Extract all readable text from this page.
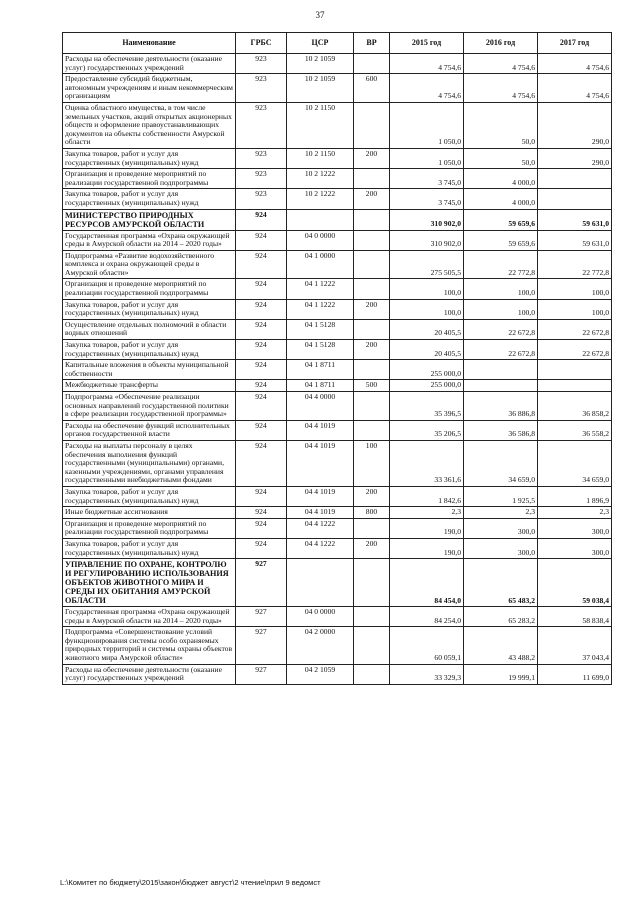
37
Наименование	ГРБС	ЦСР	ВР	2015 год	2016 год	2017 год
Расходы на обеспечение деятельности (оказание услуг) государственных учреждений	923	10 2 1059		4 754,6	4 754,6	4 754,6
Предоставление субсидий бюджетным, автономным учреждениям и иным некоммерческим организациям	923	10 2 1059	600	4 754,6	4 754,6	4 754,6
Оценка областного имущества, в том числе земельных участков, акций открытых акционерных обществ и оформление правоустанавливающих документов на объекты собственности Амурской области	923	10 2 1150		1 050,0	50,0	290,0
Закупка товаров, работ и услуг для государственных (муниципальных) нужд	923	10 2 1150	200	1 050,0	50,0	290,0
Организация и проведение мероприятий по реализации государственной подпрограммы	923	10 2 1222		3 745,0	4 000,0	
Закупка товаров, работ и услуг для государственных (муниципальных) нужд	923	10 2 1222	200	3 745,0	4 000,0	
МИНИСТЕРСТВО ПРИРОДНЫХ РЕСУРСОВ АМУРСКОЙ ОБЛАСТИ	924			310 902,0	59 659,6	59 631,0
Государственная программа «Охрана окружающей среды в Амурской области на 2014 – 2020 годы»	924	04 0 0000		310 902,0	59 659,6	59 631,0
Подпрограмма «Развитие водохозяйственного комплекса и охрана окружающей среды в Амурской области»	924	04 1 0000		275 505,5	22 772,8	22 772,8
Организация и проведение мероприятий по реализации государственной подпрограммы	924	04 1 1222		100,0	100,0	100,0
Закупка товаров, работ и услуг для государственных (муниципальных) нужд	924	04 1 1222	200	100,0	100,0	100,0
Осуществление отдельных полномочий в области водных отношений	924	04 1 5128		20 405,5	22 672,8	22 672,8
Закупка товаров, работ и услуг для государственных (муниципальных) нужд	924	04 1 5128	200	20 405,5	22 672,8	22 672,8
Капитальные вложения в объекты муниципальной собственности	924	04 1 8711		255 000,0		
Межбюджетные трансферты	924	04 1 8711	500	255 000,0		
Подпрограмма «Обеспечение реализации основных направлений государственной политики в сфере реализации государственной программы»	924	04 4 0000		35 396,5	36 886,8	36 858,2
Расходы на обеспечение функций исполнительных органов государственной власти	924	04 4 1019		35 206,5	36 586,8	36 558,2
Расходы на выплаты персоналу в целях обеспечения выполнения функций государственными (муниципальными) органами, казенными учреждениями, органами управления государственными внебюджетными фондами	924	04 4 1019	100	33 361,6	34 659,0	34 659,0
Закупка товаров, работ и услуг для государственных (муниципальных) нужд	924	04 4 1019	200	1 842,6	1 925,5	1 896,9
Иные бюджетные ассигнования	924	04 4 1019	800	2,3	2,3	2,3
Организация и проведение мероприятий по реализации государственной подпрограммы	924	04 4 1222		190,0	300,0	300,0
Закупка товаров, работ и услуг для государственных (муниципальных) нужд	924	04 4 1222	200	190,0	300,0	300,0
УПРАВЛЕНИЕ ПО ОХРАНЕ, КОНТРОЛЮ И РЕГУЛИРОВАНИЮ ИСПОЛЬЗОВАНИЯ ОБЪЕКТОВ ЖИВОТНОГО МИРА И СРЕДЫ ИХ ОБИТАНИЯ АМУРСКОЙ ОБЛАСТИ	927			84 454,0	65 483,2	59 038,4
Государственная программа «Охрана окружающей среды в Амурской области на 2014 – 2020 годы»	927	04 0 0000		84 254,0	65 283,2	58 838,4
Подпрограмма «Совершенствование условий функционирования системы особо охраняемых природных территорий и системы охраны объектов животного мира Амурской области»	927	04 2 0000		60 059,1	43 488,2	37 043,4
Расходы на обеспечение деятельности (оказание услуг) государственных учреждений	927	04 2 1059		33 329,3	19 999,1	11 699,0
L:\Комитет по бюджету\2015\закон\бюджет август\2 чтение\прил 9 ведомст
